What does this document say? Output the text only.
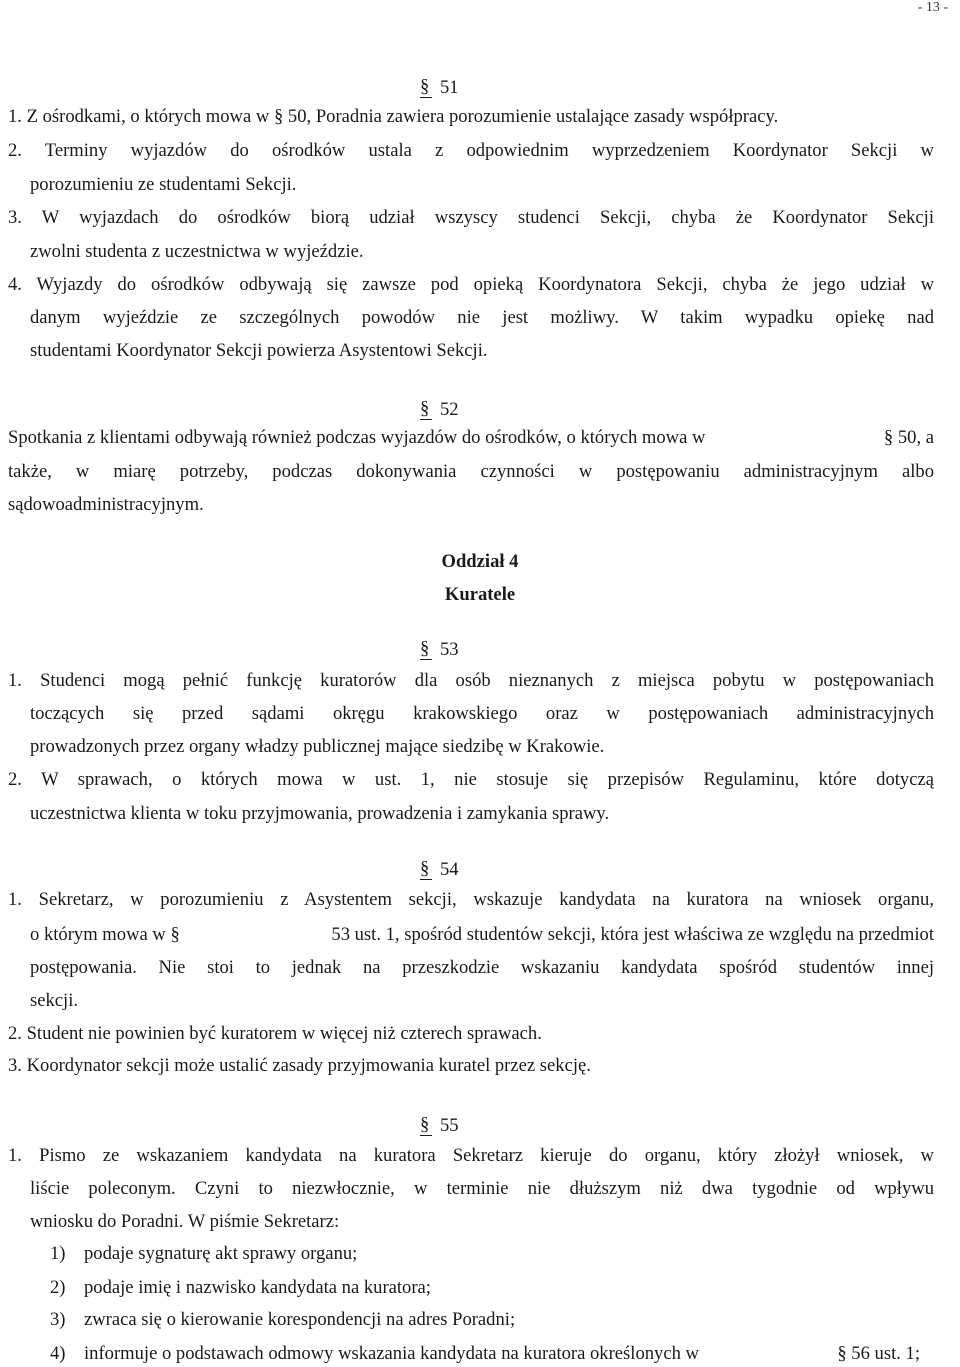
- 13 -
§ 51
1. Z ośrodkami, o których mowa w § 50, Poradnia zawiera porozumienie ustalające zasady współpracy.
2. Terminy wyjazdów do ośrodków ustala z odpowiednim wyprzedzeniem Koordynator Sekcji w
porozumieniu ze studentami Sekcji.
3. W wyjazdach do ośrodków biorą udział wszyscy studenci Sekcji, chyba że Koordynator Sekcji
zwolni studenta z uczestnictwa w wyjeździe.
4. Wyjazdy do ośrodków odbywają się zawsze pod opieką Koordynatora Sekcji, chyba że jego udział w
danym wyjeździe ze szczególnych powodów nie jest możliwy. W takim wypadku opiekę nad
studentami Koordynator Sekcji powierza Asystentowi Sekcji.
§ 52
Spotkania z klientami odbywają również podczas wyjazdów do ośrodków, o których mowa w	§ 50, a
także, w miarę potrzeby, podczas dokonywania czynności w postępowaniu administracyjnym albo
sądowoadministracyjnym.
Oddział 4
Kuratele
§ 53
1. Studenci mogą pełnić funkcję kuratorów dla osób nieznanych z miejsca pobytu w postępowaniach
toczących się przed sądami okręgu krakowskiego oraz w postępowaniach administracyjnych
prowadzonych przez organy władzy publicznej mające siedzibę w Krakowie.
2. W sprawach, o których mowa w ust. 1, nie stosuje się przepisów Regulaminu, które dotyczą
uczestnictwa klienta w toku przyjmowania, prowadzenia i zamykania sprawy.
§ 54
1. Sekretarz, w porozumieniu z Asystentem sekcji, wskazuje kandydata na kuratora na wniosek organu,
o którym mowa w §	53 ust. 1, spośród studentów sekcji, która jest właściwa ze względu na przedmiot
postępowania. Nie stoi to jednak na przeszkodzie wskazaniu kandydata spośród studentów innej
sekcji.
2. Student nie powinien być kuratorem w więcej niż czterech sprawach.
3. Koordynator sekcji może ustalić zasady przyjmowania kuratel przez sekcję.
§ 55
1. Pismo ze wskazaniem kandydata na kuratora Sekretarz kieruje do organu, który złożył wniosek, w
liście poleconym. Czyni to niezwłocznie, w terminie nie dłuższym niż dwa tygodnie od wpływu
wniosku do Poradni. W piśmie Sekretarz:
1) podaje sygnaturę akt sprawy organu;
2) podaje imię i nazwisko kandydata na kuratora;
3) zwraca się o kierowanie korespondencji na adres Poradni;
4) informuje o podstawach odmowy wskazania kandydata na kuratora określonych w	§ 56 ust. 1;
